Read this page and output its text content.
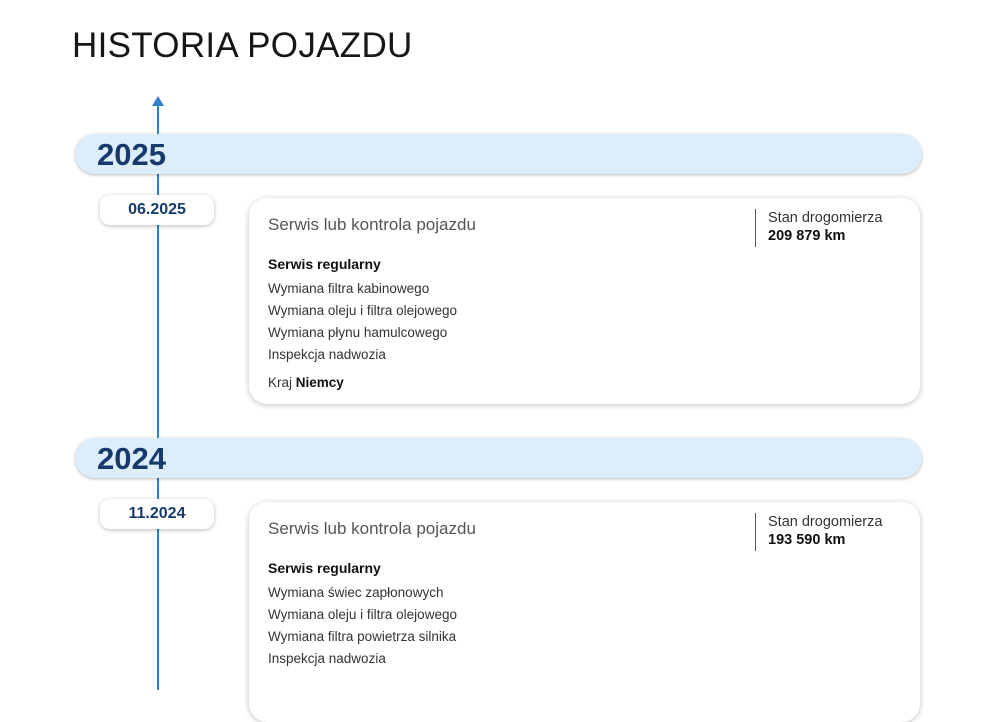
HISTORIA POJAZDU
2025
06.2025
Serwis lub kontrola pojazdu	Stan drogomierza
209 879 km
Serwis regularny
Wymiana filtra kabinowego
Wymiana oleju i filtra olejowego
Wymiana płynu hamulcowego
Inspekcja nadwozia
Kraj Niemcy
2024
11.2024
Serwis lub kontrola pojazdu	Stan drogomierza
193 590 km
Serwis regularny
Wymiana świec zapłonowych
Wymiana oleju i filtra olejowego
Wymiana filtra powietrza silnika
Inspekcja nadwozia
